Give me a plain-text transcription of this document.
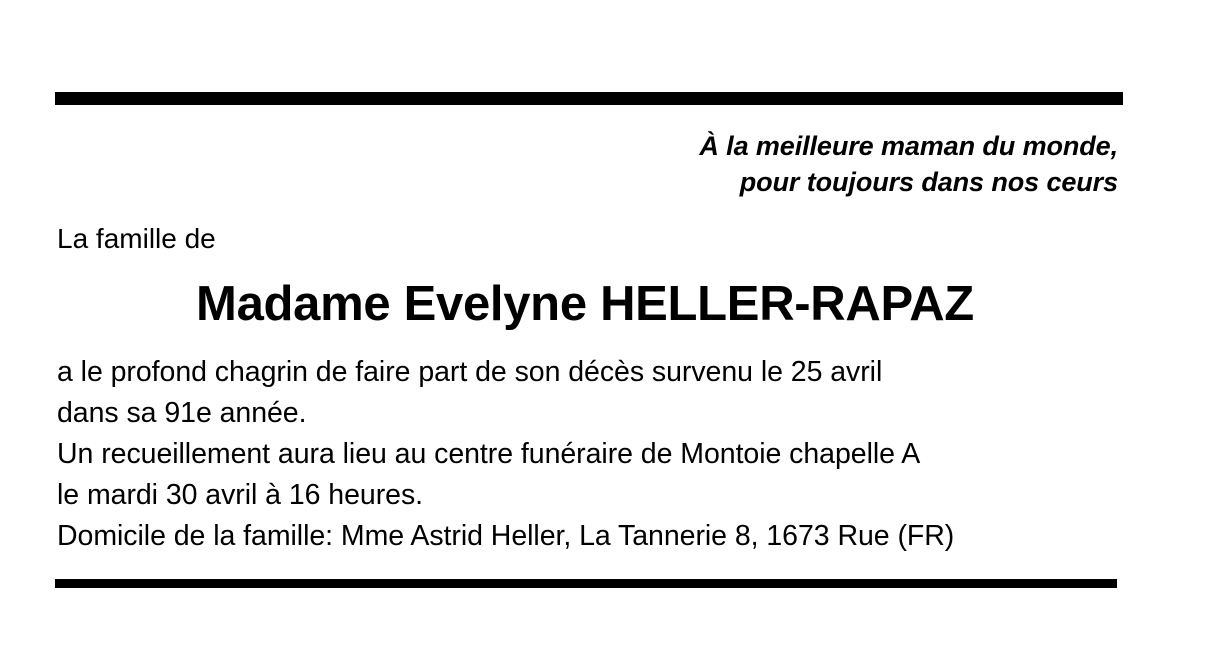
À la meilleure maman du monde,
pour toujours dans nos ceurs
La famille de
Madame Evelyne HELLER-RAPAZ

a le profond chagrin de faire part de son décès survenu le 25 avril

dans sa 91e année.

Un recueillement aura lieu au centre funéraire de Montoie chapelle A

le mardi 30 avril à 16 heures.

Domicile de la famille: Mme Astrid Heller, La Tannerie 8, 1673 Rue (FR)
